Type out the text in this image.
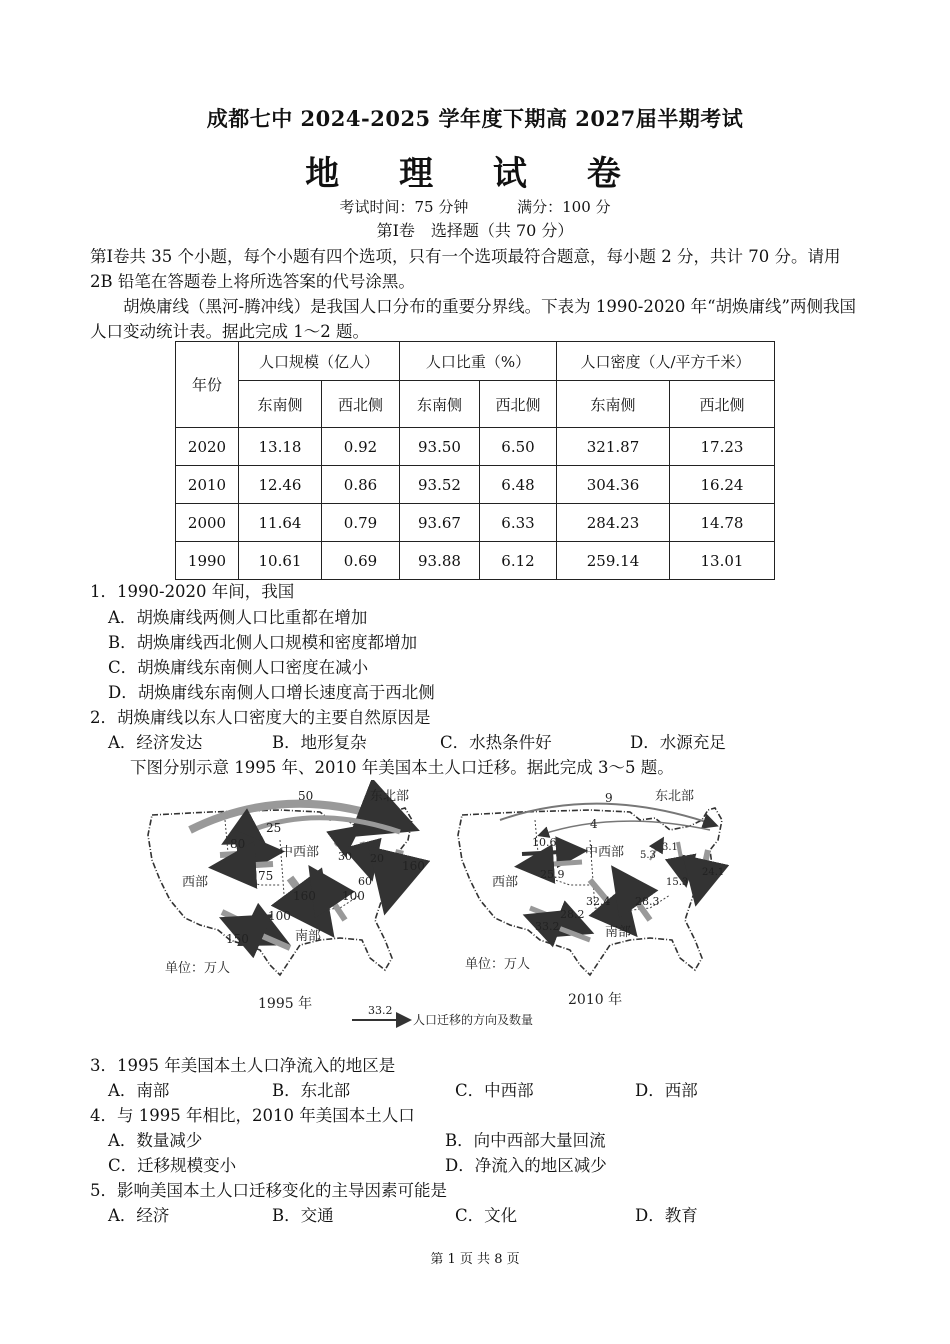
成都七中 2024-2025 学年度下期高 2027届半期考试
地 理 试 卷
考试时间：75 分钟	满分：100 分
第Ⅰ卷　选择题（共 70 分）
第Ⅰ卷共 35 个小题，每个小题有四个选项，只有一个选项最符合题意，每小题 2 分，共计 70 分。请用 2B 铅笔在答题卷上将所选答案的代号涂黑。
胡焕庸线（黑河-腾冲线）是我国人口分布的重要分界线。下表为 1990-2020 年“胡焕庸线”两侧我国人口变动统计表。据此完成 1～2 题。
年份	人口规模（亿人）		人口比重（%）		人口密度（人/平方千米）	
	东南侧	西北侧	东南侧	西北侧	东南侧	西北侧
2020	13.18	0.92	93.50	6.50	321.87	17.23
2010	12.46	0.86	93.52	6.48	304.36	16.24
2000	11.64	0.79	93.67	6.33	284.23	14.78
1990	10.61	0.69	93.88	6.12	259.14	13.01
1．1990-2020 年间，我国
A．胡焕庸线两侧人口比重都在增加
B．胡焕庸线西北侧人口规模和密度都增加
C．胡焕庸线东南侧人口密度在减小
D．胡焕庸线东南侧人口增长速度高于西北侧
2．胡焕庸线以东人口密度大的主要自然原因是
A．经济发达	B．地形复杂	C．水热条件好	D．水源充足
下图分别示意 1995 年、2010 年美国本土人口迁移。据此完成 3～5 题。
50
25
80
75
30
60
20
160
160 100
100
150
东北部
中西部
西部
南部
单位：万人
1995 年
9
4
10.6
25.9
5.3
3.1
15.3
24.1
32.4 28.3
28.2
33.2
东北部
中西部
西部
南部
单位：万人
2010 年
33.2
人口迁移的方向及数量
3．1995 年美国本土人口净流入的地区是
A．南部	B．东北部	C．中西部	D．西部
4．与 1995 年相比，2010 年美国本土人口
A．数量减少	B．向中西部大量回流
C．迁移规模变小	D．净流入的地区减少
5．影响美国本土人口迁移变化的主导因素可能是
A．经济	B．交通	C．文化	D．教育
第 1 页 共 8 页
